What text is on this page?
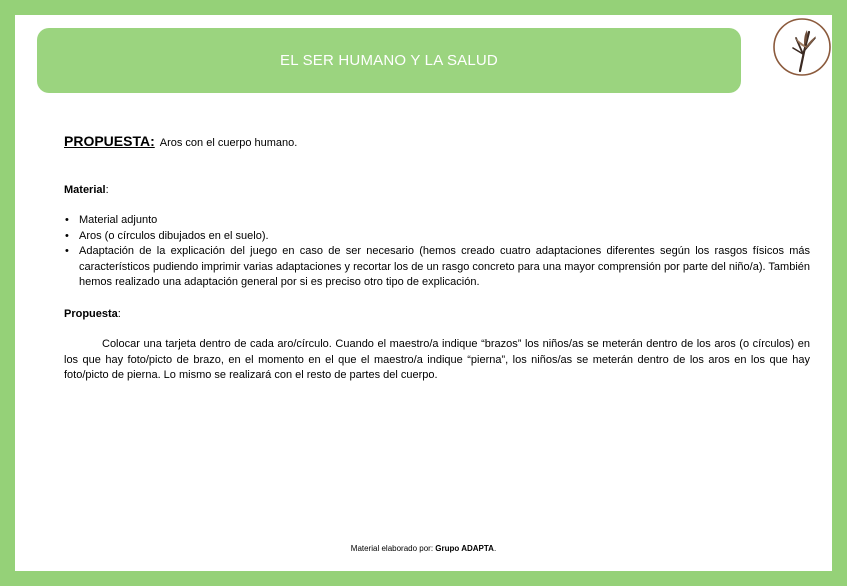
EL SER HUMANO Y LA SALUD
PROPUESTA: Aros con el cuerpo humano.
Material:
• Material adjunto
• Aros (o círculos dibujados en el suelo).
• Adaptación de la explicación del juego en caso de ser necesario (hemos creado cuatro adaptaciones diferentes según los rasgos físicos más característicos pudiendo imprimir varias adaptaciones y recortar los de un rasgo concreto para una mayor comprensión por parte del niño/a). También hemos realizado una adaptación general por si es preciso otro tipo de explicación.
Propuesta:
Colocar una tarjeta dentro de cada aro/círculo. Cuando el maestro/a indique “brazos” los niños/as se meterán dentro de los aros (o círculos) en los que hay foto/picto de brazo, en el momento en el que el maestro/a indique “pierna”, los niños/as se meterán dentro de los aros en los que hay foto/picto de pierna. Lo mismo se realizará con el resto de partes del cuerpo.
Material elaborado por: Grupo ADAPTA.
